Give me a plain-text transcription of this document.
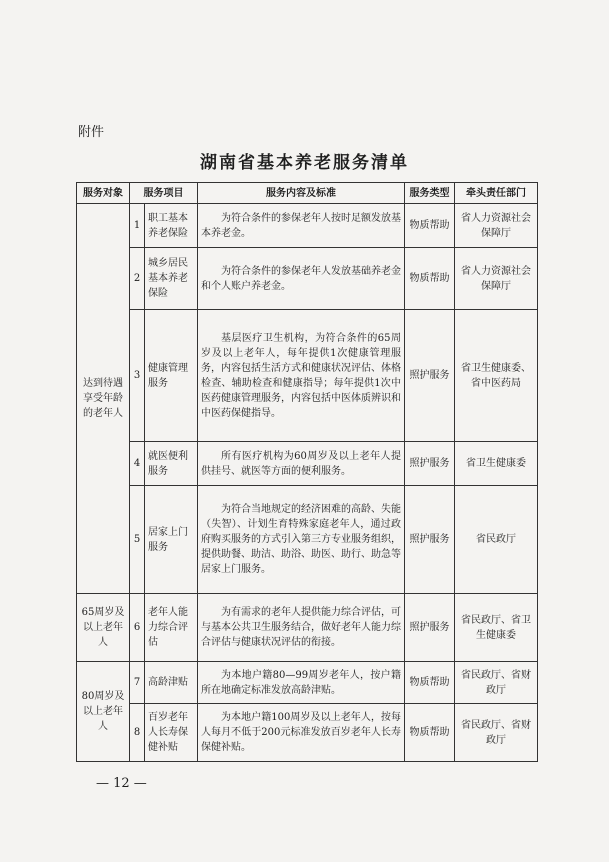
附件
湖南省基本养老服务清单
服务对象	服务项目		服务内容及标准	服务类型	牵头责任部门
达到待遇享受年龄的老年人	1	职工基本养老保险	为符合条件的参保老年人按时足额发放基本养老金。	物质帮助	省人力资源社会保障厅
	2	城乡居民基本养老保险	为符合条件的参保老年人发放基础养老金和个人账户养老金。	物质帮助	省人力资源社会保障厅
	3	健康管理服务	基层医疗卫生机构，为符合条件的65周岁及以上老年人，每年提供1次健康管理服务，内容包括生活方式和健康状况评估、体格检查、辅助检查和健康指导；每年提供1次中医药健康管理服务，内容包括中医体质辨识和中医药保健指导。	照护服务	省卫生健康委、省中医药局
	4	就医便利服务	所有医疗机构为60周岁及以上老年人提供挂号、就医等方面的便利服务。	照护服务	省卫生健康委
	5	居家上门服务	为符合当地规定的经济困难的高龄、失能（失智）、计划生育特殊家庭老年人，通过政府购买服务的方式引入第三方专业服务组织，提供助餐、助洁、助浴、助医、助行、助急等居家上门服务。	照护服务	省民政厅
65周岁及以上老年人	6	老年人能力综合评估	为有需求的老年人提供能力综合评估，可与基本公共卫生服务结合，做好老年人能力综合评估与健康状况评估的衔接。	照护服务	省民政厅、省卫生健康委
80周岁及以上老年人	7	高龄津贴	为本地户籍80—99周岁老年人，按户籍所在地确定标准发放高龄津贴。	物质帮助	省民政厅、省财政厅
	8	百岁老年人长寿保健补贴	为本地户籍100周岁及以上老年人，按每人每月不低于200元标准发放百岁老年人长寿保健补贴。	物质帮助	省民政厅、省财政厅
— 12 —
